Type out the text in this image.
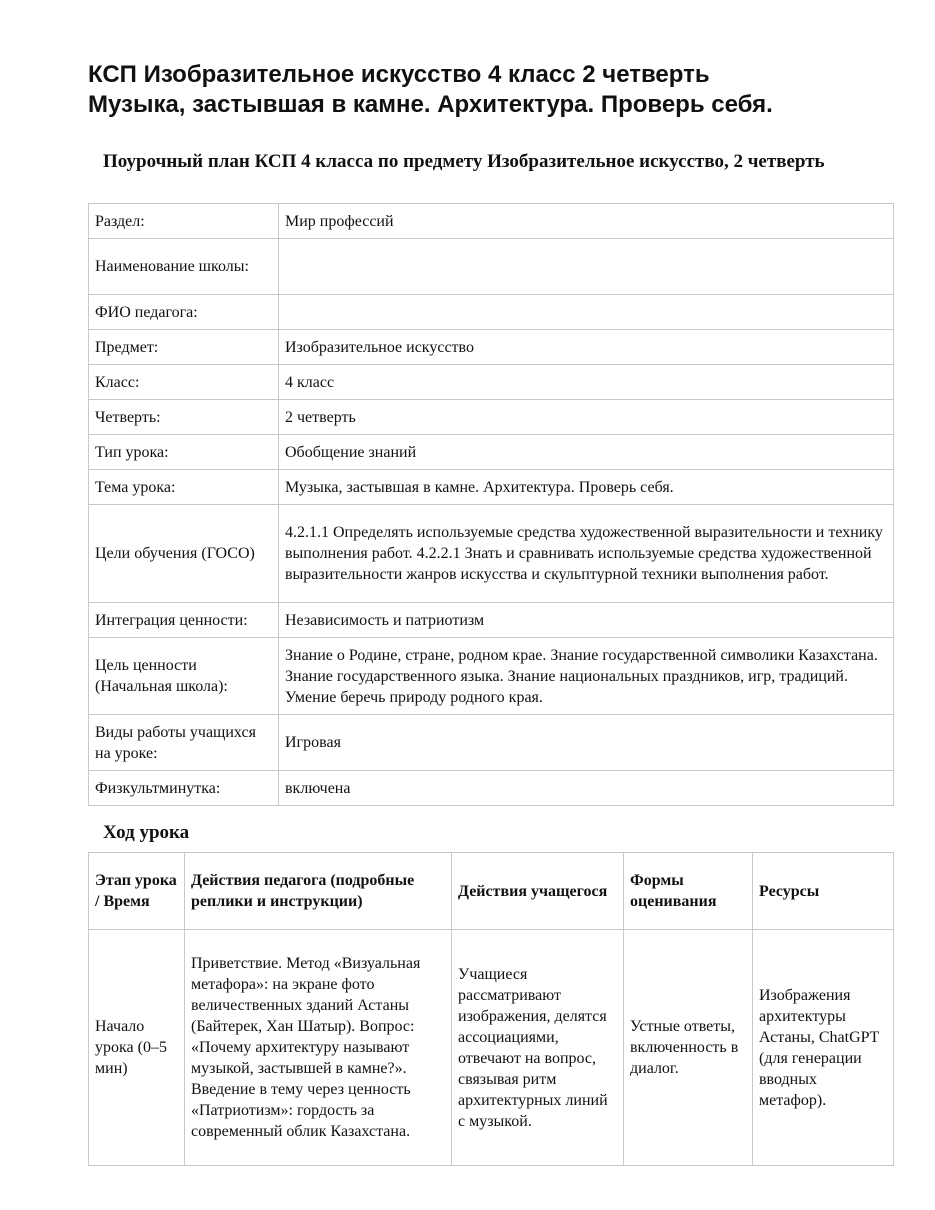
КСП Изобразительное искусство 4 класс 2 четверть
Музыка, застывшая в камне. Архитектура. Проверь себя.
Поурочный план КСП 4 класса по предмету Изобразительное искусство, 2 четверть
Раздел:	Мир профессий
Наименование школы:	
ФИО педагога:	
Предмет:	Изобразительное искусство
Класс:	4 класс
Четверть:	2 четверть
Тип урока:	Обобщение знаний
Тема урока:	Музыка, застывшая в камне. Архитектура. Проверь себя.
Цели обучения (ГОСО)	4.2.1.1 Определять используемые средства художественной выразительности и технику выполнения работ. 4.2.2.1 Знать и сравнивать используемые средства художественной выразительности жанров искусства и скульптурной техники выполнения работ.
Интеграция ценности:	Независимость и патриотизм
Цель ценности (Начальная школа):	Знание о Родине, стране, родном крае. Знание государственной символики Казахстана. Знание государственного языка. Знание национальных праздников, игр, традиций. Умение беречь природу родного края.
Виды работы учащихся на уроке:	Игровая
Физкультминутка:	включена
Ход урока
Этап урока / Время	Действия педагога (подробные реплики и инструкции)	Действия учащегося	Формы оценивания	Ресурсы
Начало урока (0–5 мин)	Приветствие. Метод «Визуальная метафора»: на экране фото величественных зданий Астаны (Байтерек, Хан Шатыр). Вопрос: «Почему архитектуру называют музыкой, застывшей в камне?». Введение в тему через ценность «Патриотизм»: гордость за современный облик Казахстана.	Учащиеся рассматривают изображения, делятся ассоциациями, отвечают на вопрос, связывая ритм архитектурных линий с музыкой.	Устные ответы, включенность в диалог.	Изображения архитектуры Астаны, ChatGPT (для генерации вводных метафор).
